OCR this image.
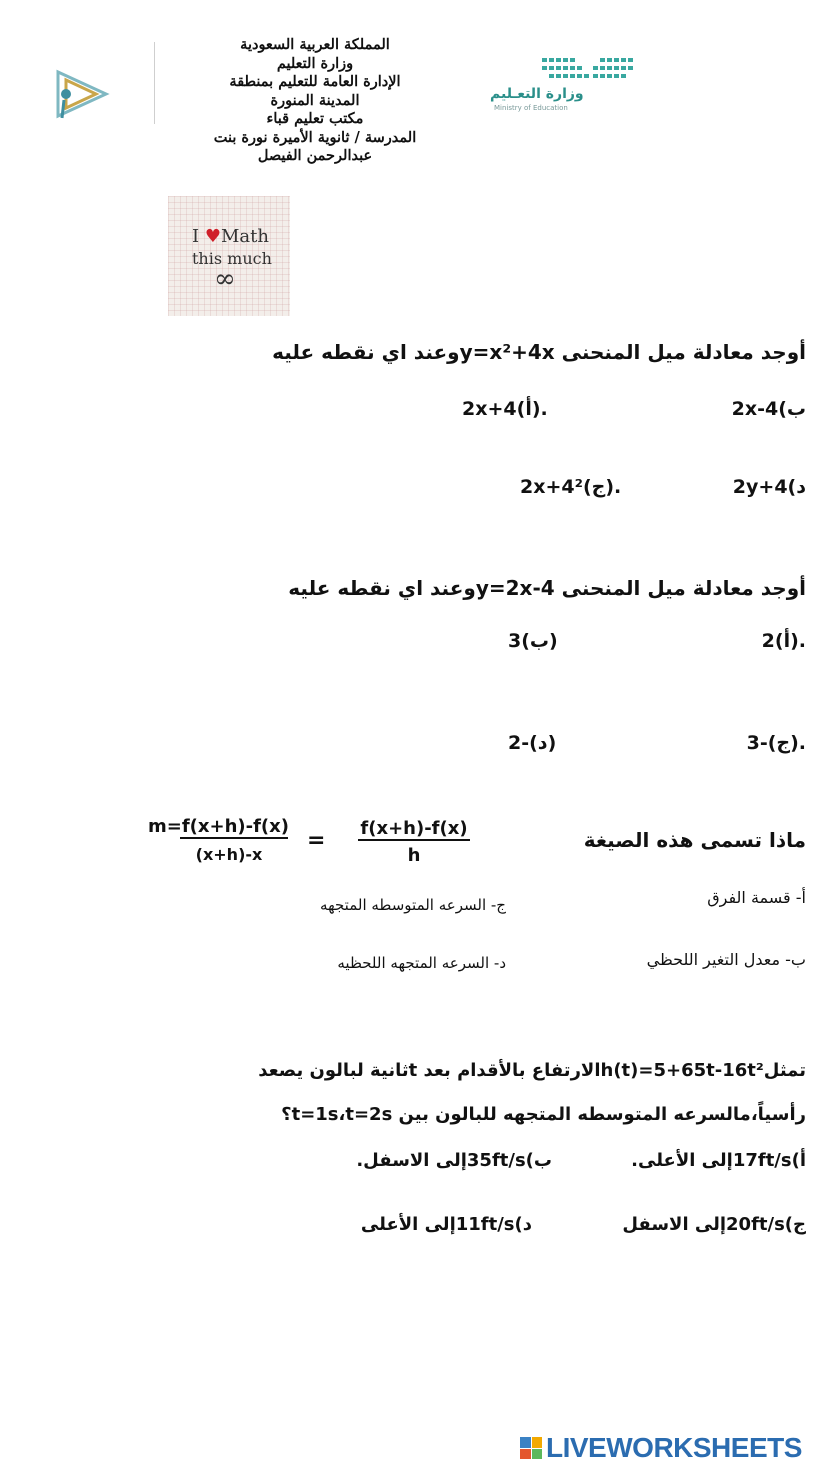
المملكة العربية السعودية
وزارة التعليم
الإدارة العامة للتعليم بمنطقة
المدينة المنورة
مكتب تعليم قباء
المدرسة / ثانوية الأميرة نورة بنت
عبدالرحمن الفيصل
وزارة التعـليم
Ministry of Education
I ♥Math
this much
∞
أوجد معادلة ميل المنحنى y=x²+4xوعند اي نقطه عليه
ب)2x-4
2x+4(أ).
2y+4(د
2x+4²(ج).
أوجد معادلة ميل المنحنى y=2x-4وعند اي نقطه عليه
2(أ).
3(ب)
3-(ج).
2-(د)
ماذا تسمى هذه الصيغة
m=f(x+h)-f(x)
(x+h)-x
= f(x+h)-f(x)
h
أ- قسمة الفرق
ج- السرعه المتوسطه المتجهه
ب- معدل التغير اللحظي
د- السرعه المتجهه اللحظيه
تمثلh(t)=5+65t-16t²الارتفاع بالأقدام بعد tثانية لبالون يصعد
رأسياً،مالسرعه المتوسطه المتجهه للبالون بين t=1s،t=2s؟
أ)17ft/sإلى الأعلى.
ب)35ft/sإلى الاسفل.
ج)20ft/sإلى الاسفل
د)11ft/sإلى الأعلى
LIVEWORKSHEETS
